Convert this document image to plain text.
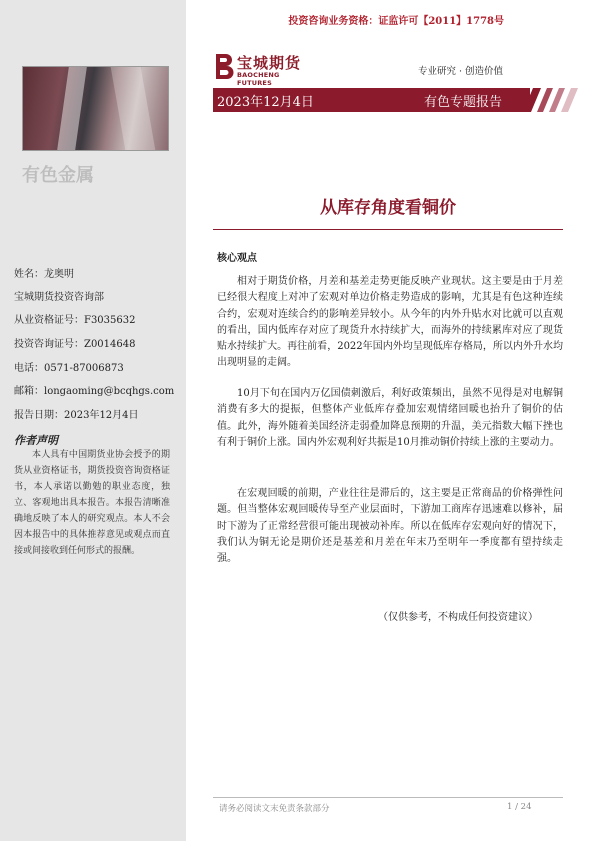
有色金属
姓名：龙奥明
宝城期货投资咨询部
从业资格证号：F3035632
投资咨询证号：Z0014648
电话：0571-87006873
邮箱：longaoming@bcqhgs.com
报告日期：2023年12月4日
作者声明
本人具有中国期货业协会授予的期货从业资格证书，期货投资咨询资格证书，本人承诺以勤勉的职业态度，独立、客观地出具本报告。本报告清晰准确地反映了本人的研究观点。本人不会因本报告中的具体推荐意见或观点而直接或间接收到任何形式的报酬。
投资咨询业务资格：证监许可【2011】1778号
宝城期货
BAOCHENG FUTURES
专业研究 · 创造价值
2023年12月4日	有色专题报告
从库存角度看铜价
核心观点
相对于期货价格，月差和基差走势更能反映产业现状。这主要是由于月差已经很大程度上对冲了宏观对单边价格走势造成的影响，尤其是有色这种连续合约，宏观对连续合约的影响差异较小。从今年的内外升贴水对比就可以直观的看出，国内低库存对应了现货升水持续扩大，而海外的持续累库对应了现货贴水持续扩大。再往前看，2022年国内外均呈现低库存格局，所以内外升水均出现明显的走阔。
10月下旬在国内万亿国债刺激后，利好政策频出，虽然不见得是对电解铜消费有多大的提振，但整体产业低库存叠加宏观情绪回暖也抬升了铜价的估值。此外，海外随着美国经济走弱叠加降息预期的升温，美元指数大幅下挫也有利于铜价上涨。国内外宏观利好共振是10月推动铜价持续上涨的主要动力。
在宏观回暖的前期，产业往往是滞后的，这主要是正常商品的价格弹性问题。但当整体宏观回暖传导至产业层面时，下游加工商库存迅速难以修补，届时下游为了正常经营很可能出现被动补库。所以在低库存宏观向好的情况下，我们认为铜无论是期价还是基差和月差在年末乃至明年一季度都有望持续走强。
（仅供参考，不构成任何投资建议）
请务必阅读文末免责条款部分	1 / 24
